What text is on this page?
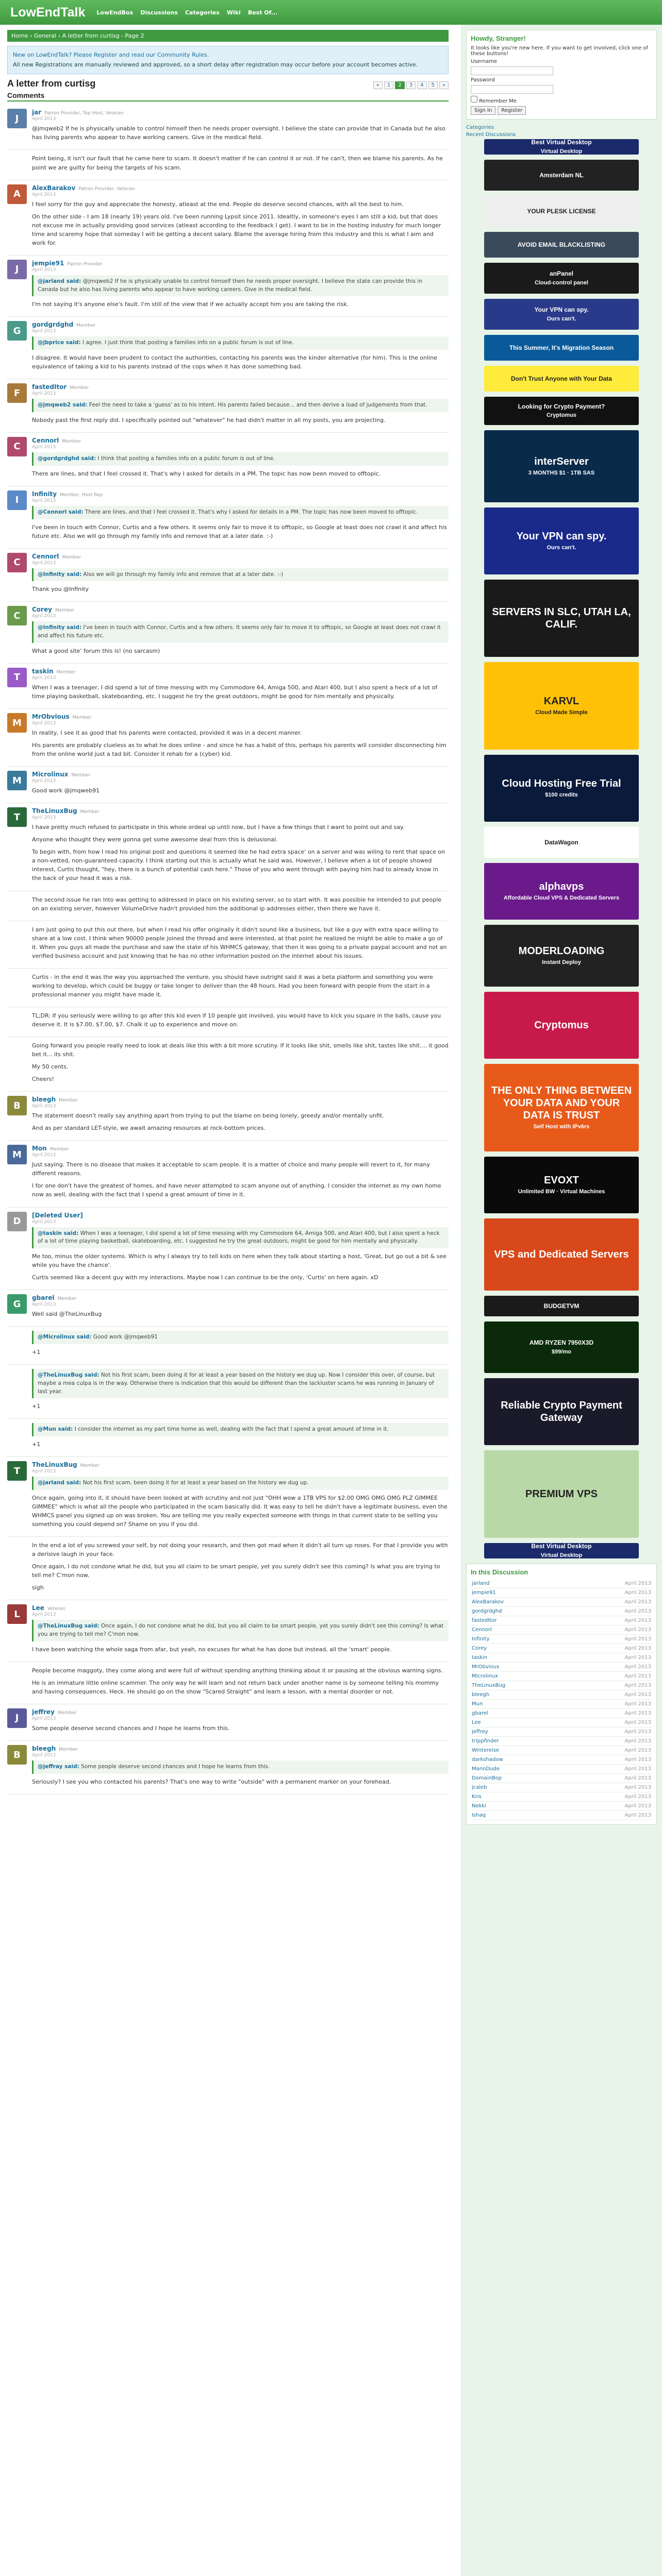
LowEndTalk LowEndBox Discussions Categories Wiki Best Of...
Home › General › A letter from curtisg - Page 2
New on LowEndTalk? Please Register and read our Community Rules.
All new Registrations are manually reviewed and approved, so a short delay after registration may occur before your account becomes active.
A letter from curtisg	«	1	2	3	4	5	»
Comments
J
jar Patron Provider, Top Host, Veteran
April 2013
@jmqweb2 If he is physically unable to control himself then he needs proper oversight. I believe the state can provide that in Canada but he also has living parents who appear to have working careers. Give in the medical field.
Point being, it isn't our fault that he came here to scam. It doesn't matter if he can control it or not. If he can't, then we blame his parents. As he point we are guilty for being the targets of his scam.
A
AlexBarakov Patron Provider, Veteran
April 2013
I feel sorry for the guy and appreciate the honesty, atleast at the end. People do deserve second chances, with all the best to him.
On the other side - I am 18 (nearly 19) years old. I've been running Lypsit since 2011. Idealtly, in someone's eyes I am still a kid, but that does not excuse me in actually providing good services (atleast according to the feedback I get). I want to be in the hosting industry for much longer time and scaremy hope that someday I will be getting a decent salary. Blame the average hiring from this industry and this is what I aim and work for.
J
jempie91 Patron Provider
April 2013
@jarland said: @jmqweb2 If he is physically unable to control himself then he needs proper oversight. I believe the state can provide this in Canada but he also has living parents who appear to have working careers. Give in the medical field.
I'm not saying it's anyone else's fault. I'm still of the view that if we actually accept him you are taking the risk.
G
gordgrdghd Member
April 2013
@jbprice said: I agree. I just think that posting a families info on a public forum is out of line.
I disagree. It would have been prudent to contact the authorities, contacting his parents was the kinder alternative (for him). This is the online equivalence of taking a kid to his parents instead of the cops when it has done something bad.
F
fastedItor Member
April 2013
@jmqweb2 said: Feel the need to take a 'guess' as to his intent. His parents failed because... and then derive a load of judgements from that.
Nobody past the first reply did. I specifically pointed out "whatever" he had didn't matter in all my posts, you are projecting.
C
Cennorl Member
April 2013
@gordgrdghd said: I think that posting a families info on a public forum is out of line.
There are lines, and that I feel crossed it. That's why I asked for details in a PM. The topic has now been moved to offtopic.
I
Infinity Member, Host Rep
April 2013
@Cennorl said: There are lines, and that I feel crossed it. That's why I asked for details in a PM. The topic has now been moved to offtopic.
I've been in touch with Connor, Curtis and a few others. It seems only fair to move it to offtopic, so Google at least does not crawl it and affect his future etc. Also we will go through my family info and remove that at a later date. :-)
C
Cennorl Member
April 2013
@Infinity said: Also we will go through my family info and remove that at a later date. :-)
Thank you @Infinity
C
Corey Member
April 2013
@Infinity said: I've been in touch with Connor, Curtis and a few others. It seems only fair to move it to offtopic, so Google at least does not crawl it and affect his future etc.
What a good site' forum this is! (no sarcasm)
T
taskin Member
April 2013
When I was a teenager, I did spend a lot of time messing with my Commodore 64, Amiga 500, and Atari 400, but I also spent a heck of a lot of time playing basketball, skateboarding, etc. I suggest he try the great outdoors, might be good for him mentally and physically.
M
MrObvious Member
April 2013
In reality, I see it as good that his parents were contacted, provided it was in a decent manner.
His parents are probably clueless as to what he does online - and since he has a habit of this, perhaps his parents will consider disconnecting him from the online world just a tad bit. Consider it rehab for a (cyber) kid.
M
Microlinux Member
April 2013
Good work @jmqweb91
T
TheLinuxBug Member
April 2013
I have pretty much refused to participate in this whole ordeal up until now, but I have a few things that I want to point out and say.
Anyone who thought they were gonna get some awesome deal from this is delusional.
To begin with, from how I read his original post and questions it seemed like he had extra space' on a server and was wiling to rent that space on a non-vetted, non-guaranteed capacity. I think starting out this is actually what he said was. However, I believe when a lot of people showed interest, Curtis thought, "hey, there is a bunch of potential cash here." Those of you who went through with paying him had to already know in the back of your head it was a risk.
The second issue he ran into was getting to addressed in place on his existing server, so to start with. It was possible he intended to put people on an existing server, however VolumeDrive hadn't provided him the additional ip addresses either, then there we have it.
I am just going to put this out there, but when I read his offer originally it didn't sound like a business, but like a guy with extra space willing to share at a low cost. I think when 90000 people joined the thread and were interested, at that point he realized he might be able to make a go of it. When you guys all made the purchase and saw the state of his WHMCS gateway, that then it was going to a private paypal account and not an verified business account and just knowing that he has no other information posted on the internet about his issues.
Curtis - in the end it was the way you approached the venture, you should have outright said it was a beta platform and something you were working to develop, which could be buggy or take longer to deliver than the 48 hours. Had you been forward with people from the start in a professional manner you might have made it.
TL;DR: If you seriously were willing to go after this kid even if 10 people got involved, you would have to kick you square in the balls, cause you deserve it. It is $7.00, $7.00, $7. Chalk it up to experience and move on.
Going forward you people really need to look at deals like this with a bit more scrutiny. If it looks like shit, smells like shit, tastes like shit.... it good bet it... its shit.
My 50 cents.
Cheers!
B
bleegh Member
April 2013
The statement doesn't really say anything apart from trying to put the blame on being lonely, greedy and/or mentally unfit.
And as per standard LET-style, we await amazing resources at rock-bottom prices.
M
Mon Member
April 2013
Just saying. There is no disease that makes it acceptable to scam people. It is a matter of choice and many people will revert to it, for many different reasons.
I for one don't have the greatest of homes, and have never attempted to scam anyone out of anything. I consider the internet as my own home now as well, dealing with the fact that I spend a great amount of time in it.
D
[Deleted User]
April 2013
@taskin said: When I was a teenager, I did spend a lot of time messing with my Commodore 64, Amiga 500, and Atari 400, but I also spent a heck of a lot of time playing basketball, skateboarding, etc. I suggested he try the great outdoors, might be good for him mentally and physically.
Me too, minus the older systems. Which is why I always try to tell kids on here when they talk about starting a host, 'Great, but go out a bit & see while you have the chance'.
Curtis seemed like a decent guy with my interactions. Maybe now I can continue to be the only, 'Curtis' on here again. xD
G
gbarel Member
April 2013
Well said @TheLinuxBug
@Microlinux said: Good work @jmqweb91
+1
@TheLinuxBug said: Not his first scam, been doing it for at least a year based on the history we dug up. Now I consider this over, of course, but maybe a mea culpa is in the way. Otherwise there is indication that this would be different than the lackluster scams he was running in January of last year.
+1
@Mun said: I consider the internet as my part time home as well, dealing with the fact that I spend a great amount of time in it.
+1
T
TheLinuxBug Member
April 2013
@jarland said: Not his first scam, been doing it for at least a year based on the history we dug up.
Once again, going into it, it should have been looked at with scrutiny and not just "OHH wow a 1TB VPS for $2.00 OMG OMG OMG PLZ GIMMEE GIMMEE" which is what all the people who participated in the scam basically did. It was easy to tell he didn't have a legitimate business, even the WHMCS panel you signed up on was broken. You are telling me you really expected someone with things in that current state to be selling you something you could depend on? Shame on you if you did.
In the end a lot of you screwed your self, by not doing your research, and then got mad when it didn't all turn up roses. For that I provide you with a derisive laugh in your face.
Once again, I do not condone what he did, but you all claim to be smart people, yet you surely didn't see this coming? Is what you are trying to tell me? C'mon now.
sigh
L
Lee Veteran
April 2013
@TheLinuxBug said: Once again, I do not condone what he did, but you all claim to be smart people, yet you surely didn't see this coming? Is what you are trying to tell me? C'mon now.
I have been watching the whole saga from afar, but yeah, no excuses for what he has done but instead, all the 'smart' people.
People become maggoty, they come along and were full of without spending anything thinking about it or pausing at the obvious warning signs.
He is an immature little online scammer. The only way he will learn and not return back under another name is by someone telling his mommy and having consequences. Heck. He should go on the show "Scared Straight" and learn a lesson, with a mental disorder or not.
J
jeffrey Member
April 2013
Some people deserve second chances and I hope he learns from this.
B
bleegh Member
April 2013
@jeffray said: Some people deserve second chances and I hope he learns from this.
Seriously? I see you who contacted his parents? That's one way to write "outside" with a permanent marker on your forehead.
Howdy, Stranger!
It looks like you're new here. If you want to get involved, click one of these buttons!
Username
Password
Remember Me
Sign In Register
Categories
Recent Discussions
Best Virtual Desktop
Virtual Desktop
Amsterdam NL
YOUR PLESK LICENSE
AVOID EMAIL BLACKLISTING
anPanel
Cloud-control panel
Your VPN can spy.
Ours can't.
This Summer, It's Migration Season
Don't Trust Anyone with Your Data
Looking for Crypto Payment?
Cryptomus
interServer
3 MONTHS $1 · 1TB SAS
Your VPN can spy.
Ours can't.
SERVERS IN SLC, UTAH LA, CALIF.
KARVL
Cloud Made Simple
Cloud Hosting Free Trial
$100 credits
DataWagon
alphavps
Affordable Cloud VPS & Dedicated Servers
MODERLOADING
Instant Deploy
Cryptomus
THE ONLY THING BETWEEN YOUR DATA AND YOUR DATA IS TRUST
Self Host with IPv6rs
EVOXT
Unlimited BW · Virtual Machines
VPS and Dedicated Servers
BUDGETVM
AMD RYZEN 7950X3D
$99/mo
Reliable Crypto Payment Gateway
PREMIUM VPS
Best Virtual Desktop
Virtual Desktop
In this Discussion
jarland	April 2013
jempie91	April 2013
AlexBarakov	April 2013
gordgrdghd	April 2013
fastedItor	April 2013
Cennorl	April 2013
Infinity	April 2013
Corey	April 2013
taskin	April 2013
MrObvious	April 2013
Microlinux	April 2013
TheLinuxBug	April 2013
bleegh	April 2013
Mun	April 2013
gbarel	April 2013
Lee	April 2013
jeffrey	April 2013
trippfinder	April 2013
Wintereise	April 2013
darkshadow	April 2013
MannDude	April 2013
DomainBop	April 2013
jcaleb	April 2013
Kris	April 2013
Nekki	April 2013
Ishaq	April 2013
